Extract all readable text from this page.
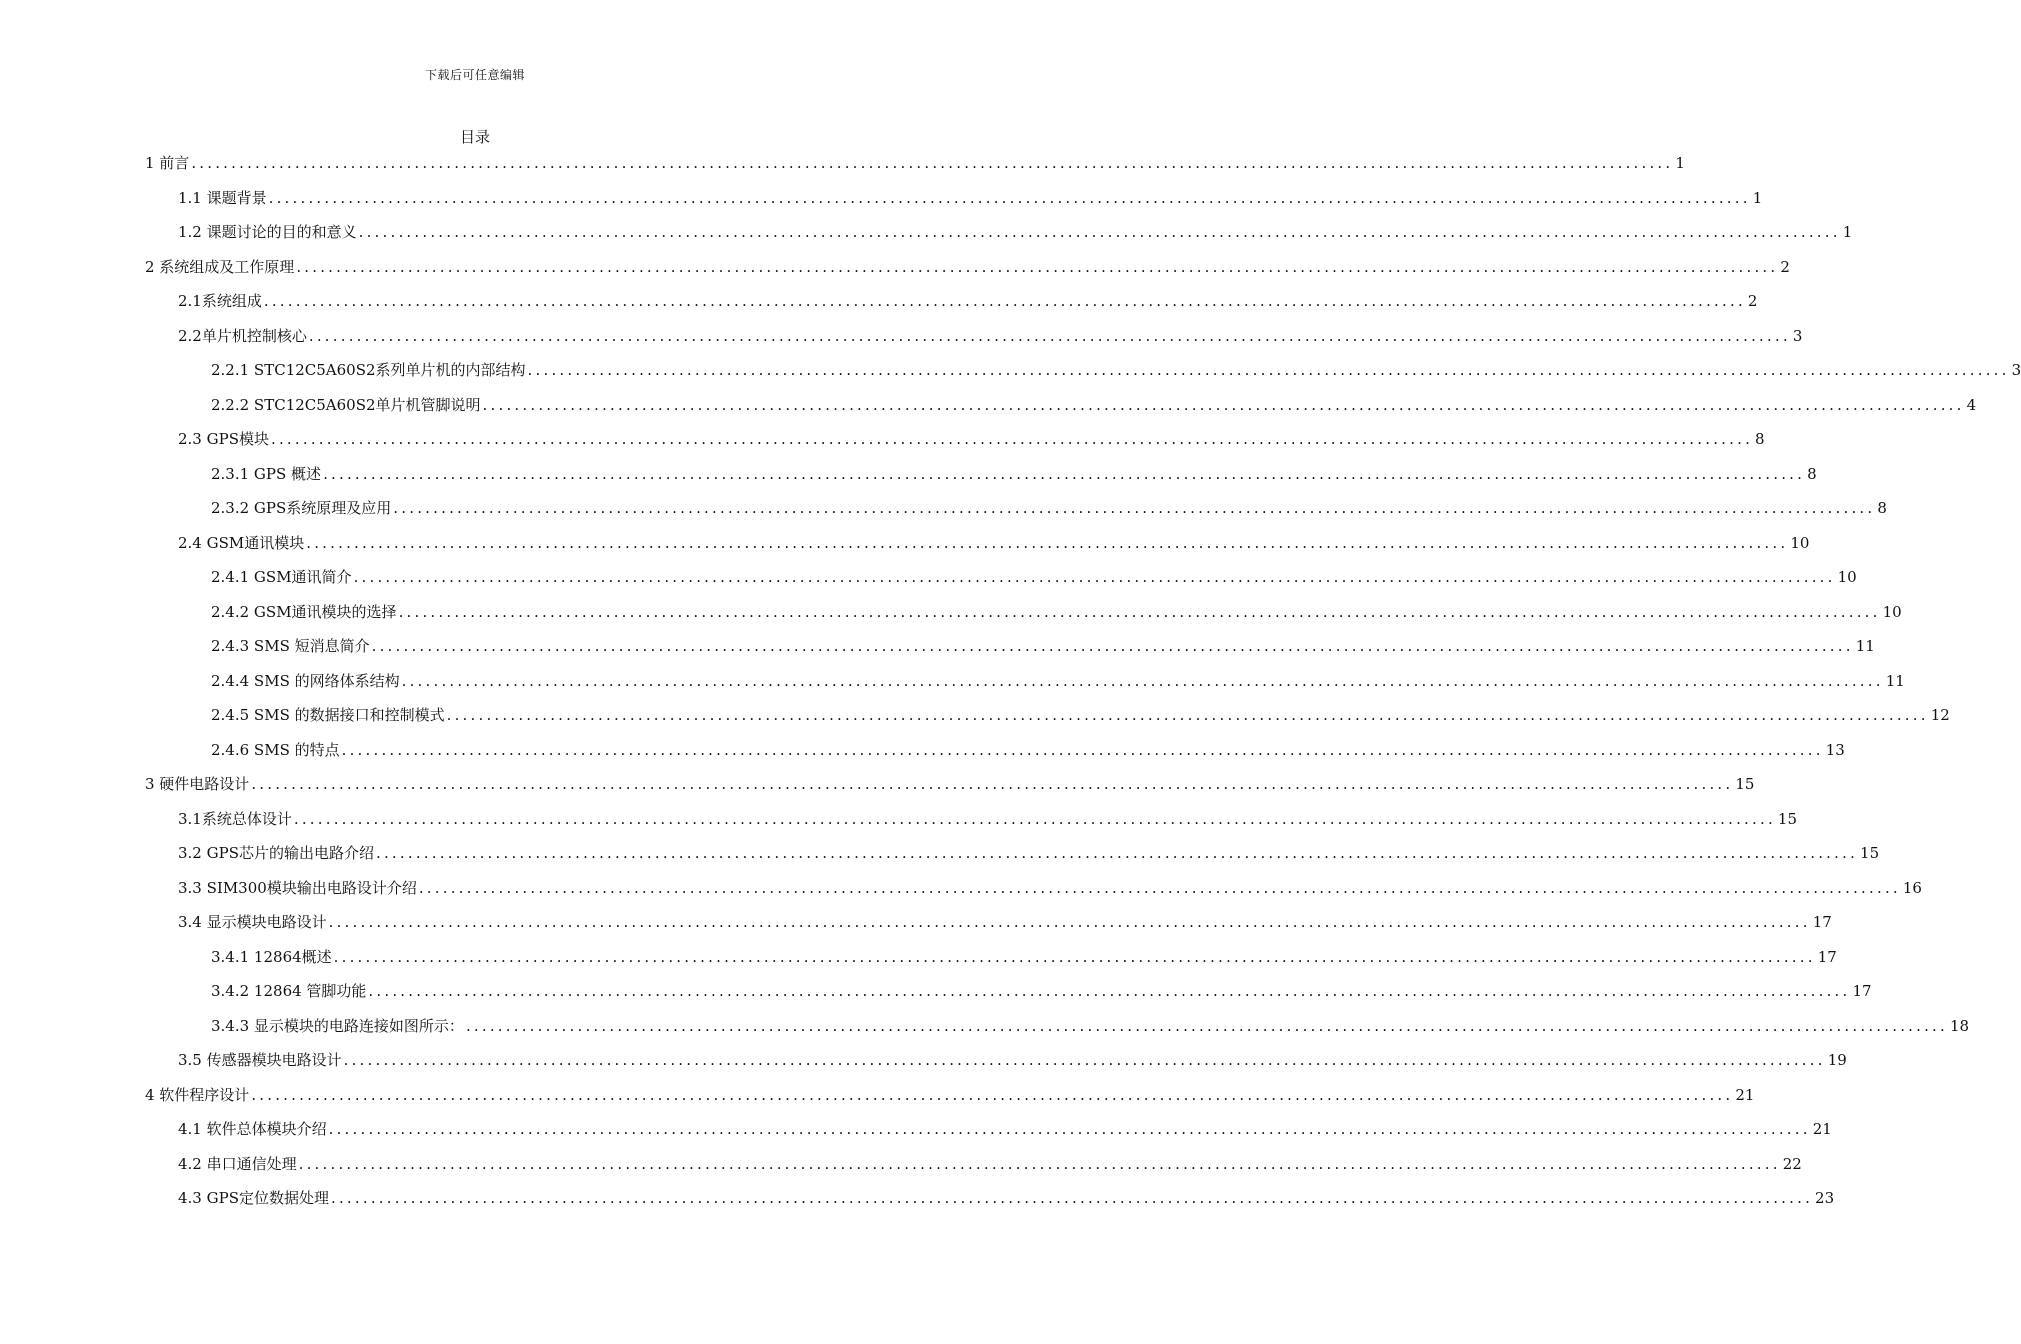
下载后可任意编辑
目录
1 前言 .......................................................................................................................................................................................... 1
1.1 课题背景 .......................................................................................................................................................................................... 1
1.2 课题讨论的目的和意义 .......................................................................................................................................................................................... 1
2 系统组成及工作原理 .......................................................................................................................................................................................... 2
2.1系统组成 .......................................................................................................................................................................................... 2
2.2单片机控制核心 .......................................................................................................................................................................................... 3
2.2.1 STC12C5A60S2系列单片机的内部结构 .......................................................................................................................................................................................... 3
2.2.2 STC12C5A60S2单片机管脚说明 .......................................................................................................................................................................................... 4
2.3 GPS模块 .......................................................................................................................................................................................... 8
2.3.1 GPS 概述 .......................................................................................................................................................................................... 8
2.3.2 GPS系统原理及应用 .......................................................................................................................................................................................... 8
2.4 GSM通讯模块 .......................................................................................................................................................................................... 10
2.4.1 GSM通讯简介 .......................................................................................................................................................................................... 10
2.4.2 GSM通讯模块的选择 .......................................................................................................................................................................................... 10
2.4.3 SMS 短消息简介 .......................................................................................................................................................................................... 11
2.4.4 SMS 的网络体系结构 .......................................................................................................................................................................................... 11
2.4.5 SMS 的数据接口和控制模式 .......................................................................................................................................................................................... 12
2.4.6 SMS 的特点 .......................................................................................................................................................................................... 13
3 硬件电路设计 .......................................................................................................................................................................................... 15
3.1系统总体设计 .......................................................................................................................................................................................... 15
3.2 GPS芯片的输出电路介绍 .......................................................................................................................................................................................... 15
3.3 SIM300模块输出电路设计介绍 .......................................................................................................................................................................................... 16
3.4 显示模块电路设计 .......................................................................................................................................................................................... 17
3.4.1 12864概述 .......................................................................................................................................................................................... 17
3.4.2 12864 管脚功能 .......................................................................................................................................................................................... 17
3.4.3 显示模块的电路连接如图所示： .......................................................................................................................................................................................... 18
3.5 传感器模块电路设计 .......................................................................................................................................................................................... 19
4 软件程序设计 .......................................................................................................................................................................................... 21
4.1 软件总体模块介绍 .......................................................................................................................................................................................... 21
4.2 串口通信处理 .......................................................................................................................................................................................... 22
4.3 GPS定位数据处理 .......................................................................................................................................................................................... 23
